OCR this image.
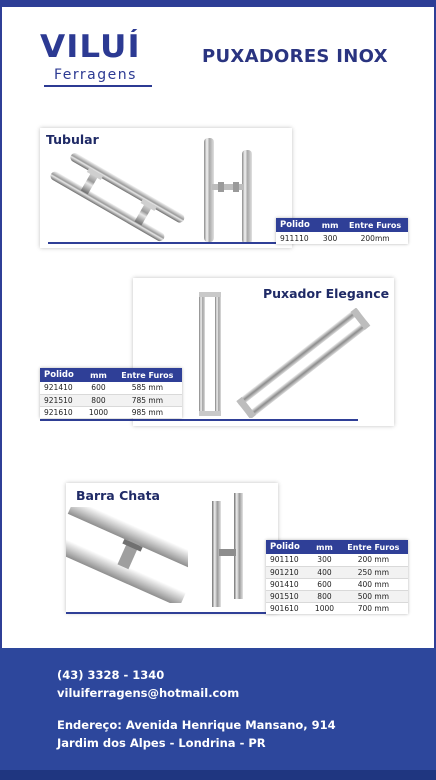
VILUÍ
Ferragens
PUXADORES INOX
Tubular
Polido	mm	Entre Furos
911110	300	200mm
Puxador Elegance
Polido	mm	Entre Furos
921410	600	585 mm
921510	800	785 mm
921610	1000	985 mm
Barra Chata
Polido	mm	Entre Furos
901110	300	200 mm
901210	400	250 mm
901410	600	400 mm
901510	800	500 mm
901610	1000	700 mm
(43) 3328 - 1340
viluiferragens@hotmail.com
Endereço: Avenida Henrique Mansano, 914
Jardim dos Alpes - Londrina - PR
